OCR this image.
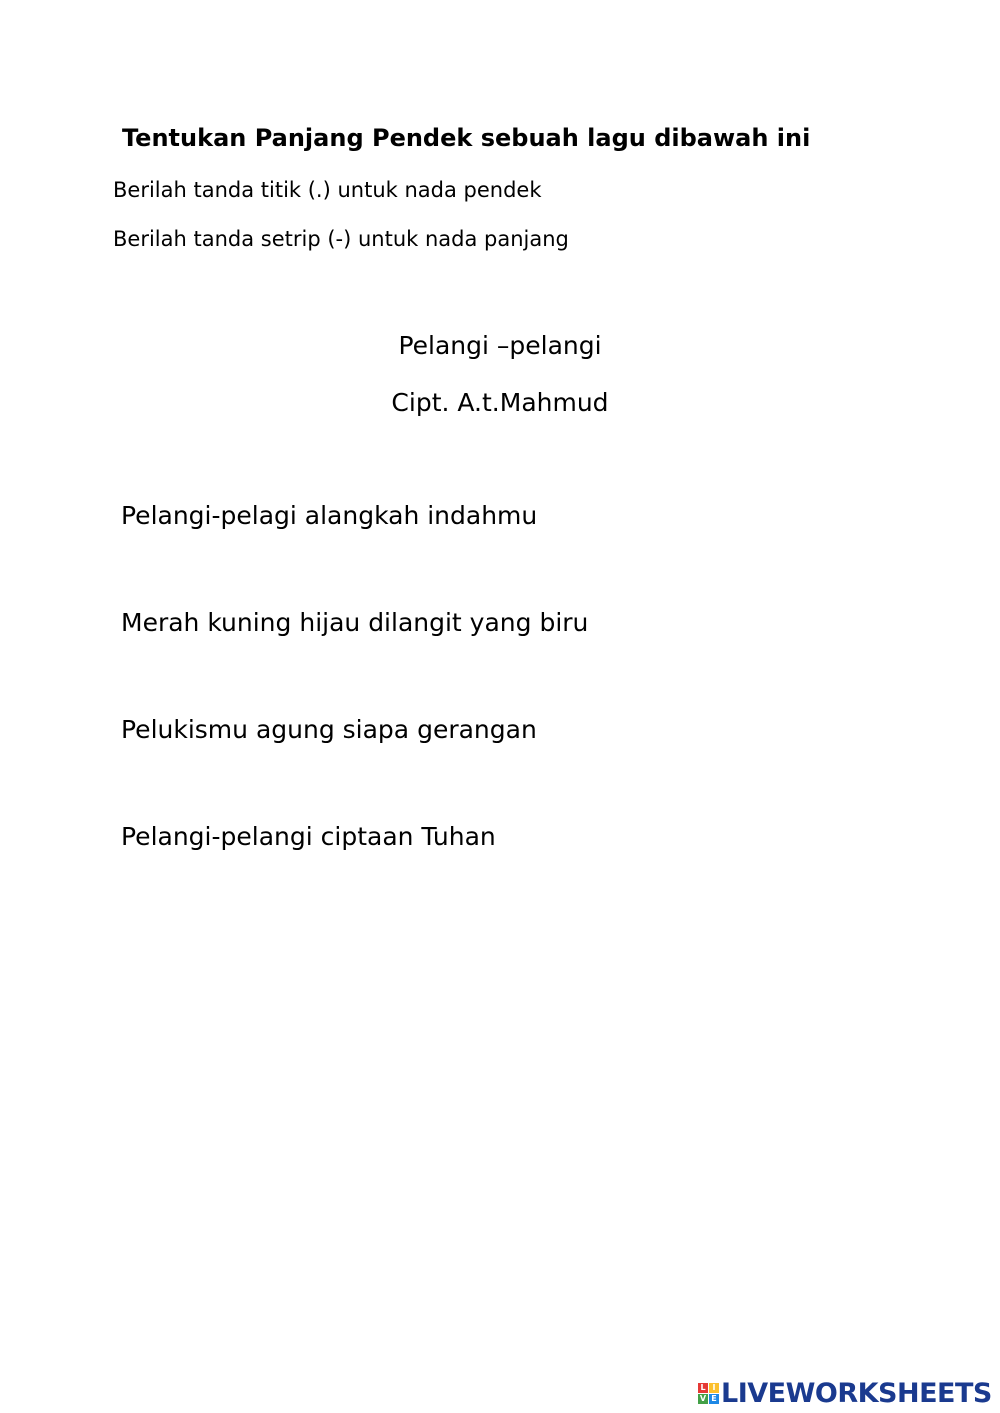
Tentukan Panjang Pendek sebuah lagu dibawah ini
Berilah tanda titik (.) untuk nada pendek
Berilah tanda setrip (-) untuk nada panjang
Pelangi –pelangi
Cipt. A.t.Mahmud
Pelangi-pelagi alangkah indahmu
Merah kuning hijau dilangit yang biru
Pelukismu agung siapa gerangan
Pelangi-pelangi ciptaan Tuhan
L I
V E LIVEWORKSHEETS
